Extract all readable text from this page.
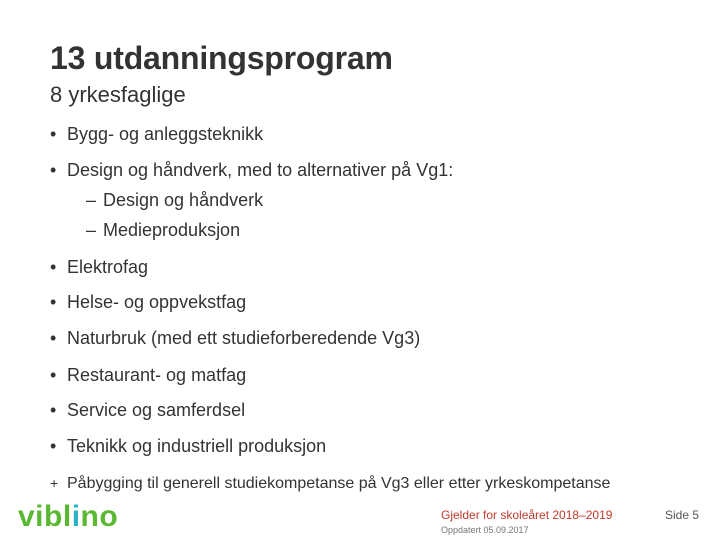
13 utdanningsprogram
8 yrkesfaglige
• Bygg- og anleggsteknikk
• Design og håndverk, med to alternativer på Vg1:
– Design og håndverk
– Medieproduksjon
• Elektrofag
• Helse- og oppvekstfag
• Naturbruk (med ett studieforberedende Vg3)
• Restaurant- og matfag
• Service og samferdsel
• Teknikk og industriell produksjon
+ Påbygging til generell studiekompetanse på Vg3 eller etter yrkeskompetanse
viblino	Gjelder for skoleåret 2018–2019
Oppdatert 05.09.2017
Side 5
